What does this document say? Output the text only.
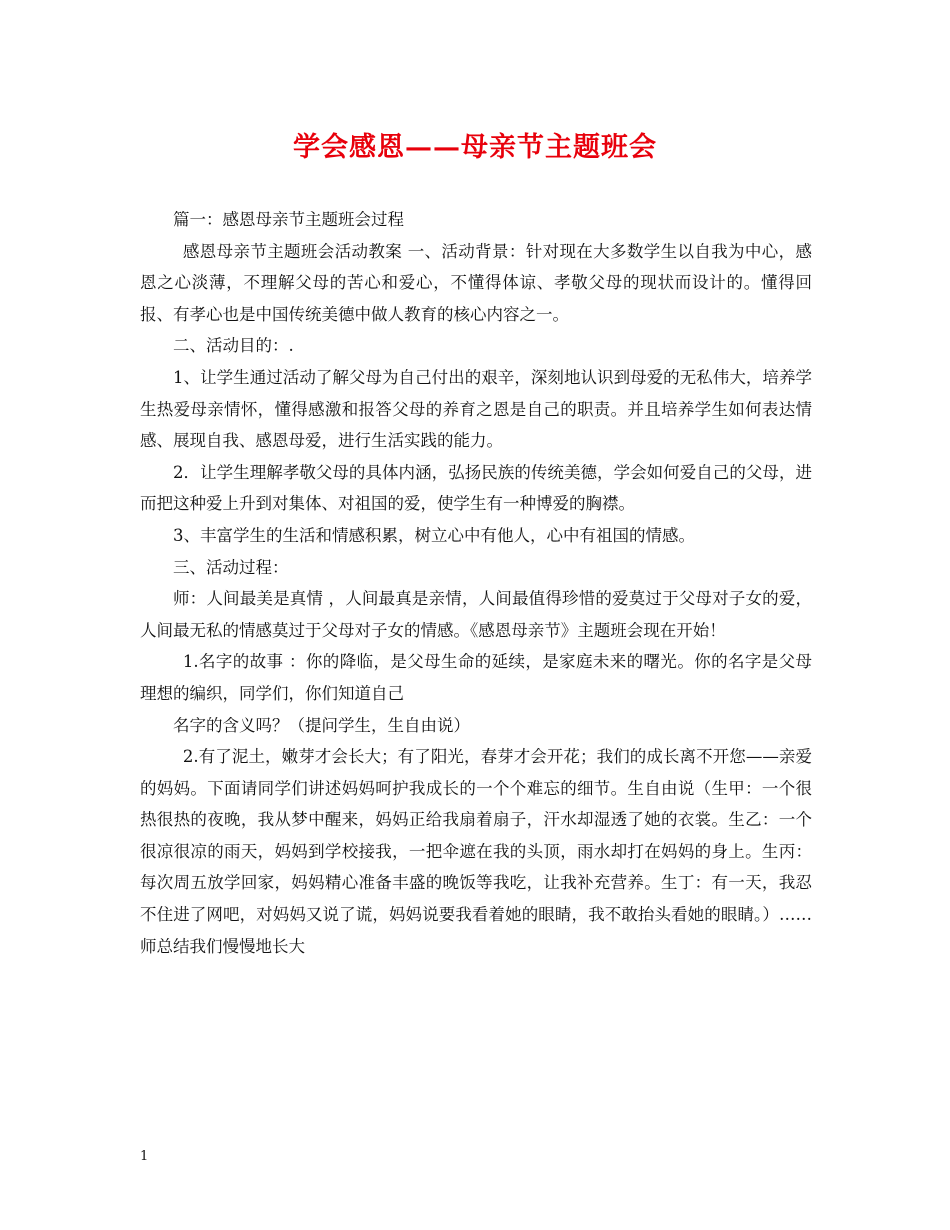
学会感恩——母亲节主题班会

篇一：感恩母亲节主题班会过程

感恩母亲节主题班会活动教案 一、活动背景：针对现在大多数学生以自我为中心，感恩之心淡薄，不理解父母的苦心和爱心，不懂得体谅、孝敬父母的现状而设计的。懂得回报、有孝心也是中国传统美德中做人教育的核心内容之一。

二、活动目的：.

1、让学生通过活动了解父母为自己付出的艰辛，深刻地认识到母爱的无私伟大，培养学生热爱母亲情怀，懂得感激和报答父母的养育之恩是自己的职责。并且培养学生如何表达情感、展现自我、感恩母爱，进行生活实践的能力。

2．让学生理解孝敬父母的具体内涵，弘扬民族的传统美德，学会如何爱自己的父母，进而把这种爱上升到对集体、对祖国的爱，使学生有一种博爱的胸襟。

3、丰富学生的生活和情感积累，树立心中有他人，心中有祖国的情感。

三、活动过程：

师：人间最美是真情 ，人间最真是亲情，人间最值得珍惜的爱莫过于父母对子女的爱，人间最无私的情感莫过于父母对子女的情感。《感恩母亲节》主题班会现在开始！

1.名字的故事 ：你的降临，是父母生命的延续，是家庭未来的曙光。你的名字是父母理想的编织，同学们，你们知道自己

名字的含义吗？（提问学生，生自由说）

2.有了泥土，嫩芽才会长大；有了阳光，春芽才会开花；我们的成长离不开您——亲爱的妈妈。下面请同学们讲述妈妈呵护我成长的一个个难忘的细节。生自由说（生甲：一个很热很热的夜晚，我从梦中醒来，妈妈正给我扇着扇子，汗水却湿透了她的衣裳。生乙：一个很凉很凉的雨天，妈妈到学校接我，一把伞遮在我的头顶，雨水却打在妈妈的身上。生丙：每次周五放学回家，妈妈精心准备丰盛的晚饭等我吃，让我补充营养。生丁：有一天，我忍不住进了网吧，对妈妈又说了谎，妈妈说要我看着她的眼睛，我不敢抬头看她的眼睛。）……师总结我们慢慢地长大

1
